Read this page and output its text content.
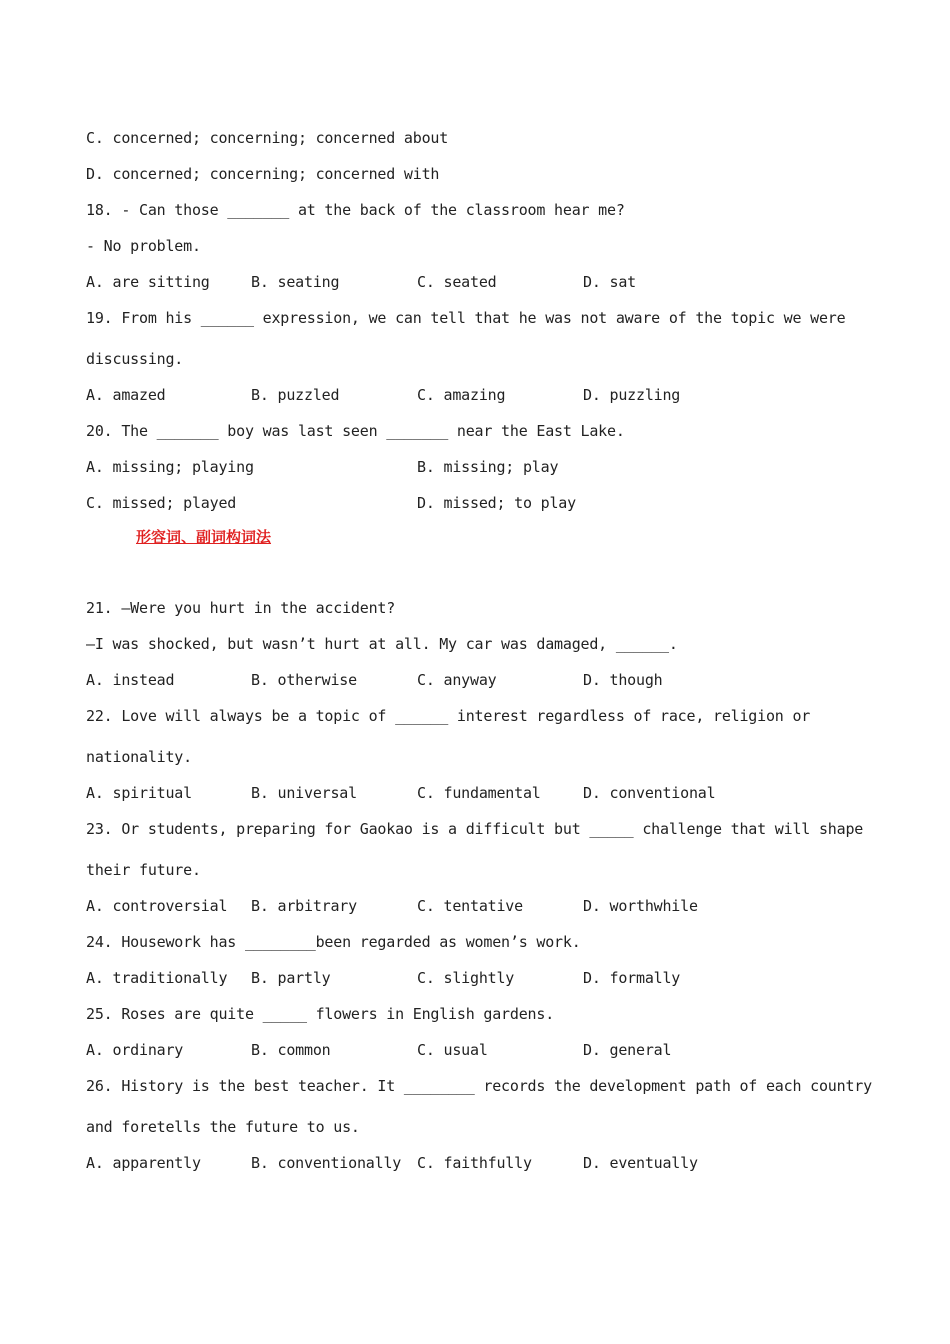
C. concerned; concerning; concerned about
D. concerned; concerning; concerned with
18. - Can those _______ at the back of the classroom hear me?
- No problem.
A. are sitting	B. seating	C. seated	D. sat
19. From his ______ expression, we can tell that he was not aware of the topic we were
discussing.
A. amazed	B. puzzled	C. amazing	D. puzzling
20. The _______ boy was last seen _______ near the East Lake.
A. missing; playing	B. missing; play
C. missed; played	D. missed; to play
形容词、副词构词法
21. —Were you hurt in the accident?
—I was shocked, but wasn’t hurt at all. My car was damaged, ______.
A. instead	B. otherwise	C. anyway	D. though
22. Love will always be a topic of ______ interest regardless of race, religion or
nationality.
A. spiritual	B. universal	C. fundamental	D. conventional
23. Or students, preparing for Gaokao is a difficult but _____ challenge that will shape
their future.
A. controversial B. arbitrary	C. tentative	D. worthwhile
24. Housework has ________been regarded as women’s work.
A. traditionally B. partly	C. slightly	D. formally
25. Roses are quite _____ flowers in English gardens.
A. ordinary	B. common	C. usual	D. general
26. History is the best teacher. It ________ records the development path of each country
and foretells the future to us.
A. apparently	B. conventionally C. faithfully	D. eventually
